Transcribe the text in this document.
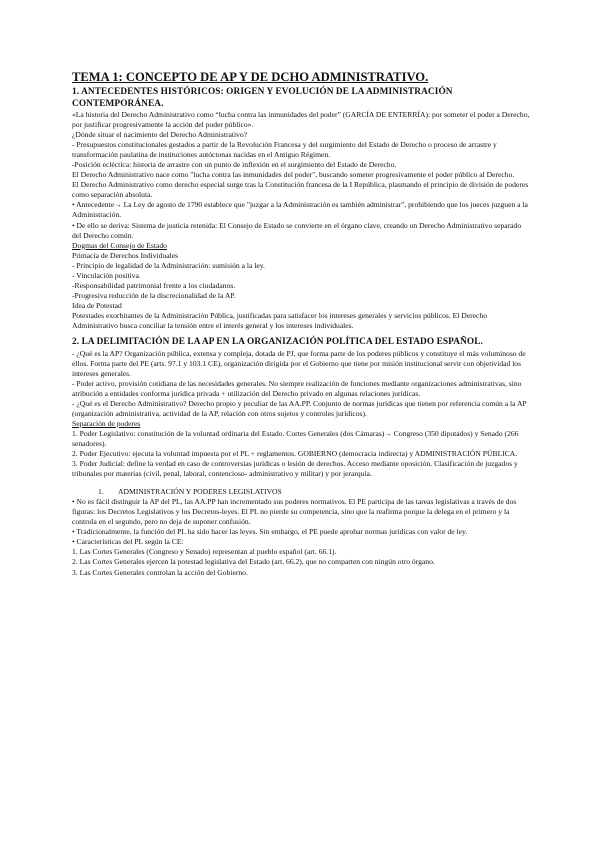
TEMA 1: CONCEPTO DE AP Y DE DCHO ADMINISTRATIVO.

1. ANTECEDENTES HISTÓRICOS: ORIGEN Y EVOLUCIÓN DE LA ADMINISTRACIÓN CONTEMPORÁNEA.

«La historia del Derecho Administrativo como “lucha contra las inmunidades del poder” (GARCÍA DE ENTERRÍA): por someter el poder a Derecho, por justificar progresivamente la acción del poder público».

¿Dónde situar el nacimiento del Derecho Administrativo?

- Presupuestos constitucionales gestados a partir de la Revolución Francesa y del surgimiento del Estado de Derecho o proceso de arrastre y transformación paulatina de instituciones autóctonas nacidas en el Antiguo Régimen.

-Posición ecléctica: historia de arrastre con un punto de inflexión en el surgimiento del Estado de Derecho.

El Derecho Administrativo nace como "lucha contra las inmunidades del poder", buscando someter progresivamente el poder público al Derecho.

El Derecho Administrativo como derecho especial surge tras la Constitución francesa de la I República, plasmando el principio de división de poderes como separación absoluta.

• Antecedente→ La Ley de agosto de 1790 establece que "juzgar a la Administración es también administrar", prohibiendo que los jueces juzguen a la Administración.

• De ello se deriva: Sistema de justicia retenida: El Consejo de Estado se convierte en el órgano clave, creando un Derecho Administrativo separado del Derecho común.

Dogmas del Consejo de Estado

Primacía de Derechos Individuales

- Principio de legalidad de la Administración: sumisión a la ley.

- Vinculación positiva.

-Responsabilidad patrimonial frente a los ciudadanos.

-Progresiva reducción de la discrecionalidad de la AP.

Idea de Potestad

Potestades exorbitantes de la Administración Pública, justificadas para satisfacer los intereses generales y servicios públicos. El Derecho Administrativo busca conciliar la tensión entre el interés general y los intereses individuales.

2. LA DELIMITACIÓN DE LA AP EN LA ORGANIZACIÓN POLÍTICA DEL ESTADO ESPAÑOL.

- ¿Qué es la AP? Organización pública, extensa y compleja, dotada de PJ, que forma parte de los poderes públicos y constituye el más voluminoso de ellos. Forma parte del PE (arts. 97.1 y 103.1 CE), organización dirigida por el Gobierno que tiene por misión institucional servir con objetividad los intereses generales.

- Poder activo, provisión cotidiana de las necesidades generales. No siempre realización de funciones mediante organizaciones administrativas, sino atribución a entidades conforma jurídica privada + utilización del Derecho privado en algunas relaciones jurídicas.

- ¿Qué es el Derecho Administrativo? Derecho propio y peculiar de las AA.PP. Conjunto de normas jurídicas que tienen por referencia común a la AP (organización administrativa, actividad de la AP, relación con otros sujetos y controles jurídicos).

Separación de poderes

1. Poder Legislativo: constitución de la voluntad ordinaria del Estado. Cortes Generales (dos Cámaras)→ Congreso (350 diputados) y Senado (266 senadores).

2. Poder Ejecutivo: ejecuta la voluntad impuesta por el PL + reglamentos. GOBIERNO (democracia indirecta) y ADMINISTRACIÓN PÚBLICA.

3. Poder Judicial: define la verdad en caso de controversias jurídicas o lesión de derechos. Acceso mediante oposición. Clasificación de juzgados y tribunales por materias (civil, penal, laboral, contencioso- administrativo y militar) y por jerarquía.

1. ADMINISTRACIÓN Y PODERES LEGISLATIVOS

• No es fácil distinguir la AP del PL, las AA.PP han incrementado sus poderes normativos. El PE participa de las tareas legislativas a través de dos figuras: los Decretos Legislativos y los Decretos-leyes. El PL no pierde su competencia, sino que la reafirma porque la delega en el primero y la controla en el segundo, pero no deja de suponer confusión.

• Tradicionalmente, la función del PL ha sido hacer las leyes. Sin embargo, el PE puede aprobar normas jurídicas con valor de ley.

• Características del PL según la CE:

1. Las Cortes Generales (Congreso y Senado) representan al pueblo español (art. 66.1).

2. Las Cortes Generales ejercen la potestad legislativa del Estado (art. 66.2), que no comparten con ningún otro órgano.

3. Las Cortes Generales controlan la acción del Gobierno.
